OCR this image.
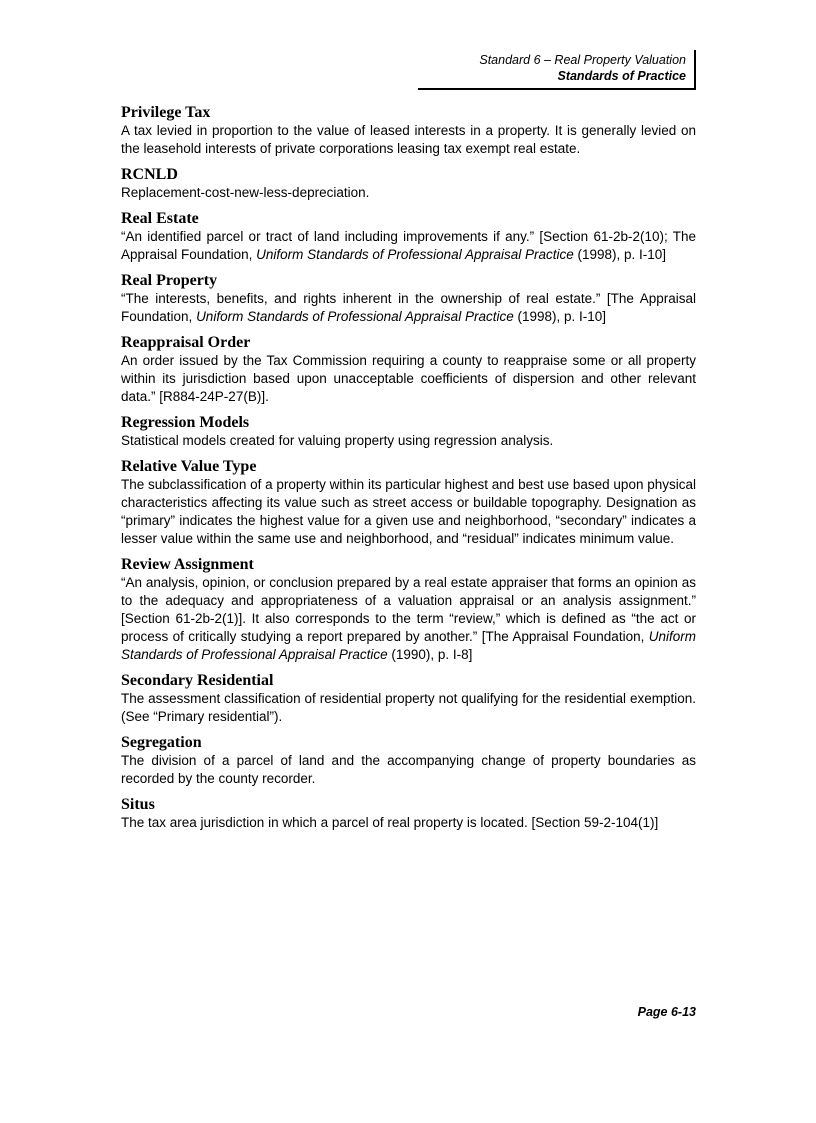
Standard 6 – Real Property Valuation
Standards of Practice

Privilege Tax

A tax levied in proportion to the value of leased interests in a property. It is generally levied on the leasehold interests of private corporations leasing tax exempt real estate.

RCNLD

Replacement-cost-new-less-depreciation.

Real Estate

“An identified parcel or tract of land including improvements if any.” [Section 61-2b-2(10); The Appraisal Foundation, Uniform Standards of Professional Appraisal Practice (1998), p. I-10]

Real Property

“The interests, benefits, and rights inherent in the ownership of real estate.” [The Appraisal Foundation, Uniform Standards of Professional Appraisal Practice (1998), p. I-10]

Reappraisal Order

An order issued by the Tax Commission requiring a county to reappraise some or all property within its jurisdiction based upon unacceptable coefficients of dispersion and other relevant data.” [R884-24P-27(B)].

Regression Models

Statistical models created for valuing property using regression analysis.

Relative Value Type

The subclassification of a property within its particular highest and best use based upon physical characteristics affecting its value such as street access or buildable topography. Designation as “primary” indicates the highest value for a given use and neighborhood, “secondary” indicates a lesser value within the same use and neighborhood, and “residual” indicates minimum value.

Review Assignment

“An analysis, opinion, or conclusion prepared by a real estate appraiser that forms an opinion as to the adequacy and appropriateness of a valuation appraisal or an analysis assignment.” [Section 61-2b-2(1)]. It also corresponds to the term “review,” which is defined as “the act or process of critically studying a report prepared by another.” [The Appraisal Foundation, Uniform Standards of Professional Appraisal Practice (1990), p. I-8]

Secondary Residential

The assessment classification of residential property not qualifying for the residential exemption. (See “Primary residential”).

Segregation

The division of a parcel of land and the accompanying change of property boundaries as recorded by the county recorder.

Situs

The tax area jurisdiction in which a parcel of real property is located. [Section 59-2-104(1)]

Page 6-13
